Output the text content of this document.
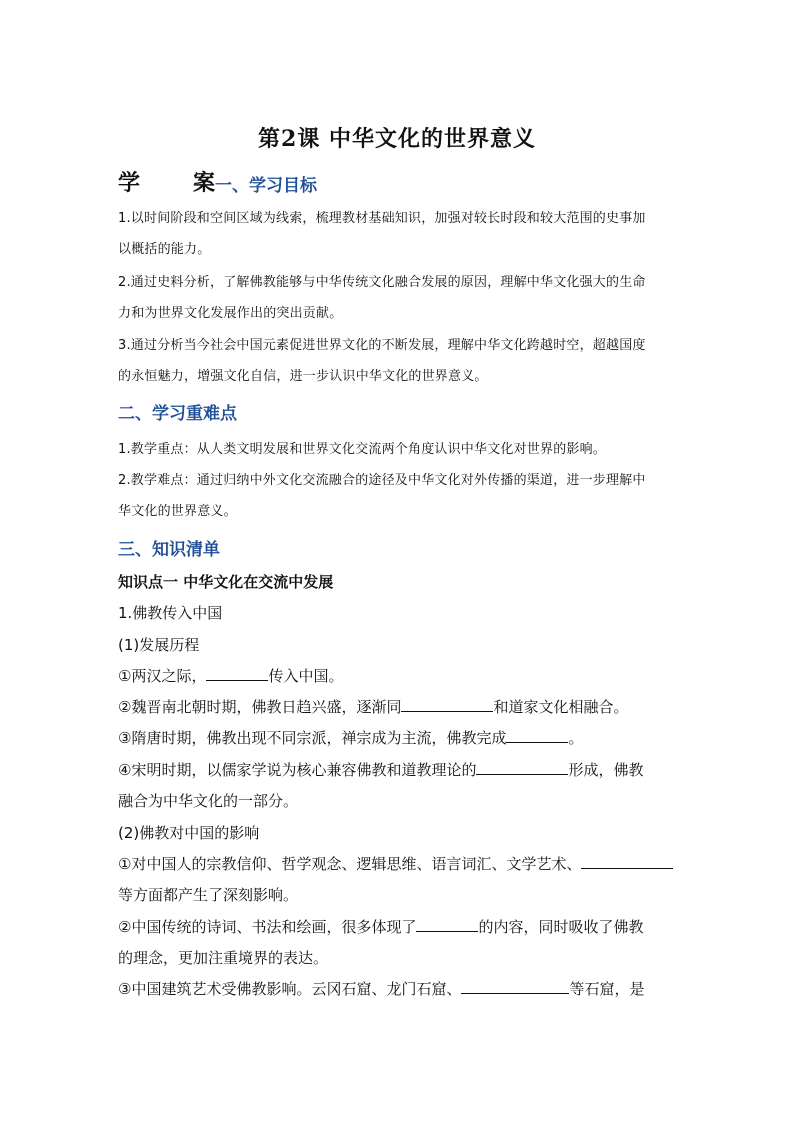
第2课 中华文化的世界意义
学 案 一、学习目标
1.以时间阶段和空间区域为线索，梳理教材基础知识，加强对较长时段和较大范围的史事加
以概括的能力。
2.通过史料分析，了解佛教能够与中华传统文化融合发展的原因，理解中华文化强大的生命
力和为世界文化发展作出的突出贡献。
3.通过分析当今社会中国元素促进世界文化的不断发展，理解中华文化跨越时空，超越国度
的永恒魅力，增强文化自信，进一步认识中华文化的世界意义。
二、学习重难点
1.教学重点：从人类文明发展和世界文化交流两个角度认识中华文化对世界的影响。
2.教学难点：通过归纳中外文化交流融合的途径及中华文化对外传播的渠道，进一步理解中
华文化的世界意义。
三、知识清单
知识点一 中华文化在交流中发展
1.佛教传入中国
(1)发展历程
①两汉之际，	传入中国。
②魏晋南北朝时期，佛教日趋兴盛，逐渐同	和道家文化相融合。
③隋唐时期，佛教出现不同宗派，禅宗成为主流，佛教完成	。
④宋明时期，以儒家学说为核心兼容佛教和道教理论的	形成，佛教
融合为中华文化的一部分。
(2)佛教对中国的影响
①对中国人的宗教信仰、哲学观念、逻辑思维、语言词汇、文学艺术、
等方面都产生了深刻影响。
②中国传统的诗词、书法和绘画，很多体现了	的内容，同时吸收了佛教
的理念，更加注重境界的表达。
③中国建筑艺术受佛教影响。云冈石窟、龙门石窟、	等石窟，是
